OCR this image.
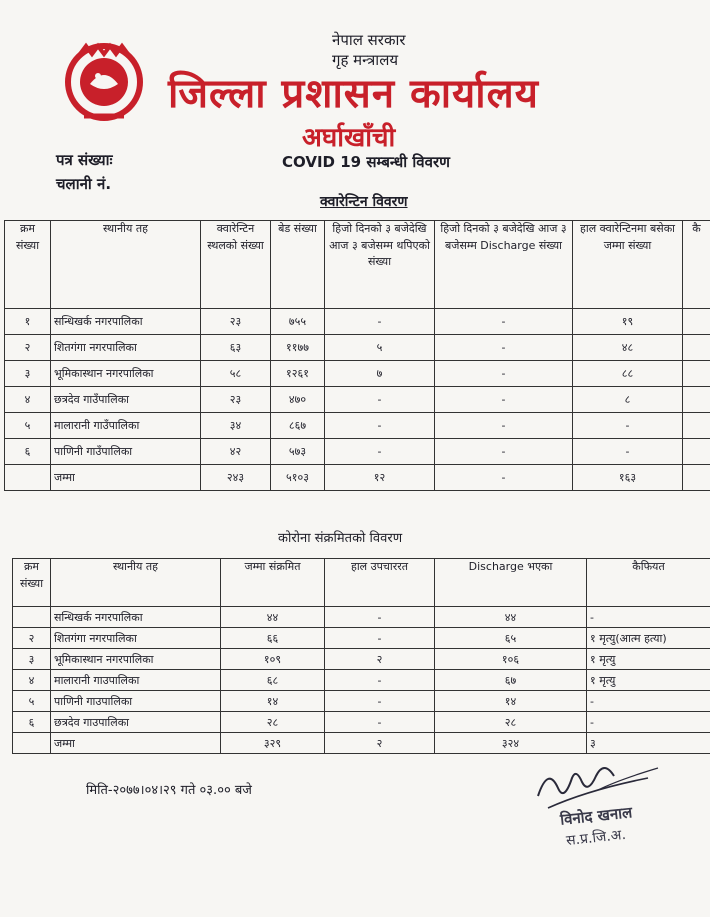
नेपाल सरकार
गृह मन्त्रालय
जिल्ला प्रशासन कार्यालय
अर्घाखाँची
पत्र संख्याः
चलानी नं.
COVID 19 सम्बन्धी विवरण
क्वारेन्टिन विवरण
क्रम संख्या	स्थानीय तह	क्वारेन्टिन स्थलको संख्या	बेड संख्या	हिजो दिनको ३ बजेदेखि आज ३ बजेसम्म थपिएको संख्या	हिजो दिनको ३ बजेदेखि आज ३ बजेसम्म Discharge संख्या	हाल क्वारेन्टिनमा बसेका जम्मा संख्या	कै
१	सन्धिखर्क नगरपालिका	२३	७५५	-	-	१९	
२	शितगंगा नगरपालिका	६३	११७७	५	-	४८	
३	भूमिकास्थान नगरपालिका	५८	१२६१	७	-	८८	
४	छत्रदेव गाउँपालिका	२३	४७०	-	-	८	
५	मालारानी गाउँपालिका	३४	८६७	-	-	-	
६	पाणिनी गाउँपालिका	४२	५७३	-	-	-	
	जम्मा	२४३	५१०३	१२	-	१६३	
कोरोना संक्रमितको विवरण
क्रम संख्या	स्थानीय तह	जम्मा संक्रमित	हाल उपचाररत	Discharge भएका	कैफियत
	सन्धिखर्क नगरपालिका	४४	-	४४	-
२	शितगंगा नगरपालिका	६६	-	६५	१ मृत्यु(आत्म हत्या)
३	भूमिकास्थान नगरपालिका	१०९	२	१०६	१ मृत्यु
४	मालारानी गाउपालिका	६८	-	६७	१ मृत्यु
५	पाणिनी गाउपालिका	१४	-	१४	-
६	छत्रदेव गाउपालिका	२८	-	२८	-
	जम्मा	३२९	२	३२४	३
मिति-२०७७।०४।२९ गते ०३.०० बजे
विनोद खनाल
स.प्र.जि.अ.
